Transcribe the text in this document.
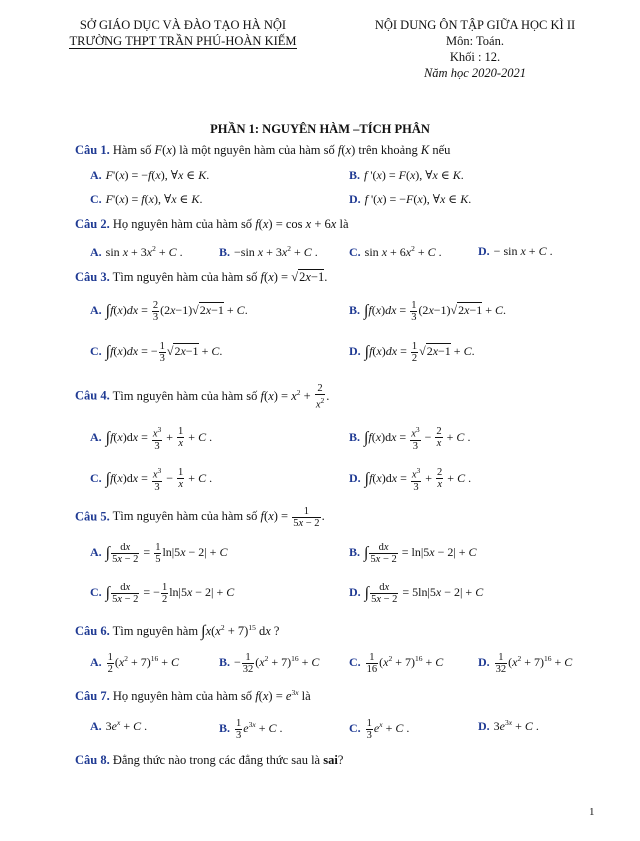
SỞ GIÁO DỤC VÀ ĐÀO TẠO HÀ NỘI
TRƯỜNG THPT TRẦN PHÚ-HOÀN KIẾM
NỘI DUNG ÔN TẬP GIỮA HỌC KÌ II
Môn: Toán.
Khối : 12.
Năm học 2020-2021
PHẦN 1: NGUYÊN HÀM –TÍCH PHÂN
Câu 1. Hàm số F(x) là một nguyên hàm của hàm số f(x) trên khoảng K nếu
A. F'(x) = −f(x), ∀x ∈ K.	B. f '(x) = F(x), ∀x ∈ K.
C. F'(x) = f(x), ∀x ∈ K.	D. f '(x) = −F(x), ∀x ∈ K.
Câu 2. Họ nguyên hàm của hàm số f(x) = cos x + 6x là
A. $\sin x + 3x^2 + C$ .	B. −sin $x + 3x^2 + C$ .	C. $\sin x + 6x^2 + C$ .	D. − sin x + C .
Câu 3. Tìm nguyên hàm của hàm số f(x) = √2x−1.
A. $\int f(x)dx = \frac{2}{3} (2x-1)√2x-1 + C$.	B. $\int f(x)dx = \frac{1}{3} (2x-1)√2x-1 + C$.
C. ∫f(x)dx = − $\frac{1}{3} √2x-1 + C$.	D. $\int f(x)dx = \frac{1}{2} √2x-1 + C$.
Câu 4. Tìm nguyên hàm của hàm số $f(x) = x^2 + \frac{2}{x^2}$ .
A. $\int f(x)dx = \frac{x^3}{3} + \frac{1}{x} + C$ .	B. $\int f(x)dx = \frac{x^3}{3} - \frac{2}{x} + C$ .
C. $\int f(x)dx = \frac{x^3}{3} - \frac{1}{x} + C$ .	D. $\int f(x)dx = \frac{x^3}{3} + \frac{2}{x} + C$ .
Câu 5. Tìm nguyên hàm của hàm số $f(x) = \frac{1}{5x - 2}$ .
A. ∫ $\frac{dx}{5x - 2} = \frac{1}{5} \ln|5x - 2| + C$	B. ∫ $\frac{dx}{5x - 2} = \ln|5x - 2| + C$
C. ∫ $\frac{dx}{5x - 2}$ = − $\frac{1}{2} \ln|5x - 2| + C$	D. ∫ $\frac{dx}{5x - 2} = 5\ln|5x - 2| + C$
Câu 6. Tìm nguyên hàm $\int x(x^2 + 7)^{15}$ dx ?
A. $\frac{1}{2} (x^2 + 7)^{16} + C$	B. − $\frac{1}{32} (x^2 + 7)^{16} + C$ C. $\frac{1}{16} (x^2 + 7)^{16} + C$	D. $\frac{1}{32} (x^2 + 7)^{16} + C$
Câu 7. Họ nguyên hàm của hàm số $f(x) = e^{3x}$ là
A. $3e^x + C$ .	B. $\frac{1}{3} e^{3x} + C$ .	C. $\frac{1}{3} e^x + C$ .	D. $3e^{3x} + C$ .
Câu 8. Đẳng thức nào trong các đẳng thức sau là sai?
1
